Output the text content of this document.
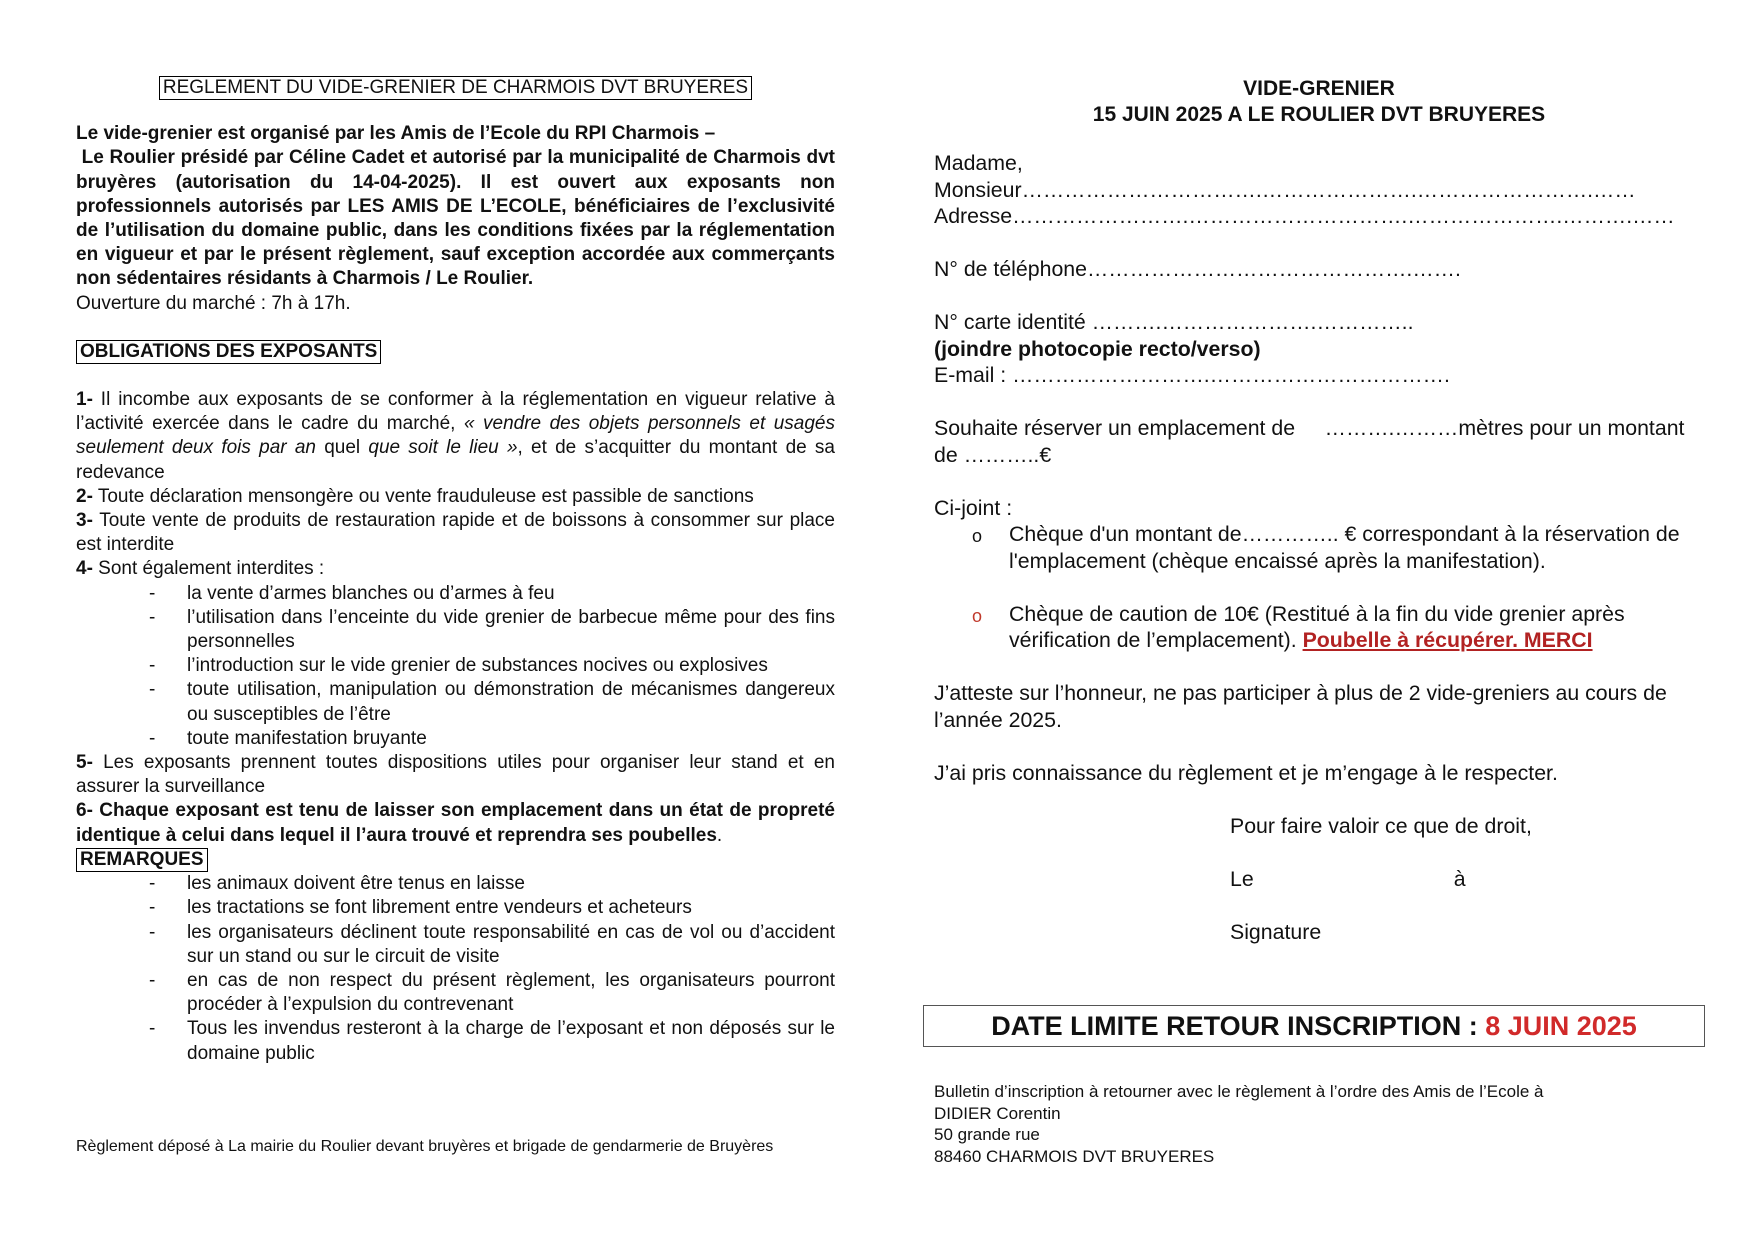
REGLEMENT DU VIDE-GRENIER DE CHARMOIS DVT BRUYERES
Le vide-grenier est organisé par les Amis de l’Ecole du RPI Charmois –
Le Roulier présidé par Céline Cadet et autorisé par la municipalité de Charmois dvt bruyères (autorisation du 14-04-2025). Il est ouvert aux exposants non professionnels autorisés par LES AMIS DE L’ECOLE, bénéficiaires de l’exclusivité de l’utilisation du domaine public, dans les conditions fixées par la réglementation en vigueur et par le présent règlement, sauf exception accordée aux commerçants non sédentaires résidants à Charmois / Le Roulier.
Ouverture du marché : 7h à 17h.
OBLIGATIONS DES EXPOSANTS
1- Il incombe aux exposants de se conformer à la réglementation en vigueur relative à l’activité exercée dans le cadre du marché, « vendre des objets personnels et usagés seulement deux fois par an quel que soit le lieu », et de s’acquitter du montant de sa redevance
2- Toute déclaration mensongère ou vente frauduleuse est passible de sanctions
3- Toute vente de produits de restauration rapide et de boissons à consommer sur place est interdite
4- Sont également interdites :
- la vente d’armes blanches ou d’armes à feu
- l’utilisation dans l’enceinte du vide grenier de barbecue même pour des fins personnelles
- l’introduction sur le vide grenier de substances nocives ou explosives
- toute utilisation, manipulation ou démonstration de mécanismes dangereux ou susceptibles de l’être
- toute manifestation bruyante
5- Les exposants prennent toutes dispositions utiles pour organiser leur stand et en assurer la surveillance
6- Chaque exposant est tenu de laisser son emplacement dans un état de propreté identique à celui dans lequel il l’aura trouvé et reprendra ses poubelles.
REMARQUES
- les animaux doivent être tenus en laisse
- les tractations se font librement entre vendeurs et acheteurs
- les organisateurs déclinent toute responsabilité en cas de vol ou d’accident sur un stand ou sur le circuit de visite
- en cas de non respect du présent règlement, les organisateurs pourront procéder à l’expulsion du contrevenant
- Tous les invendus resteront à la charge de l’exposant et non déposés sur le domaine public
Règlement déposé à La mairie du Roulier devant bruyères et brigade de gendarmerie de Bruyères
VIDE-GRENIER
15 JUIN 2025 A LE ROULIER DVT BRUYERES
Madame,
Monsieur…………………………….………………….…………………….……
Adresse…………………….………………………….………………….……….……
N° de téléphone……………………………………….…….
N° carte identité ……….………………….…………..
(joindre photocopie recto/verso)
E-mail : ……………………….…………………………….
Souhaite réserver un emplacement de     ……….………mètres pour un montant de ………..€
Ci-joint :
o Chèque d'un montant de………….. € correspondant à la réservation de l'emplacement (chèque encaissé après la manifestation).
o Chèque de caution de 10€ (Restitué à la fin du vide grenier après vérification de l’emplacement). Poubelle à récupérer. MERCI
J’atteste sur l’honneur, ne pas participer à plus de 2 vide-greniers au cours de l’année 2025.
J’ai pris connaissance du règlement et je m’engage à le respecter.
Pour faire valoir ce que de droit,
Le	à
Signature
DATE LIMITE RETOUR INSCRIPTION : 8 JUIN 2025
Bulletin d’inscription à retourner avec le règlement à l’ordre des Amis de l’Ecole à
DIDIER Corentin
50 grande rue
88460 CHARMOIS DVT BRUYERES
